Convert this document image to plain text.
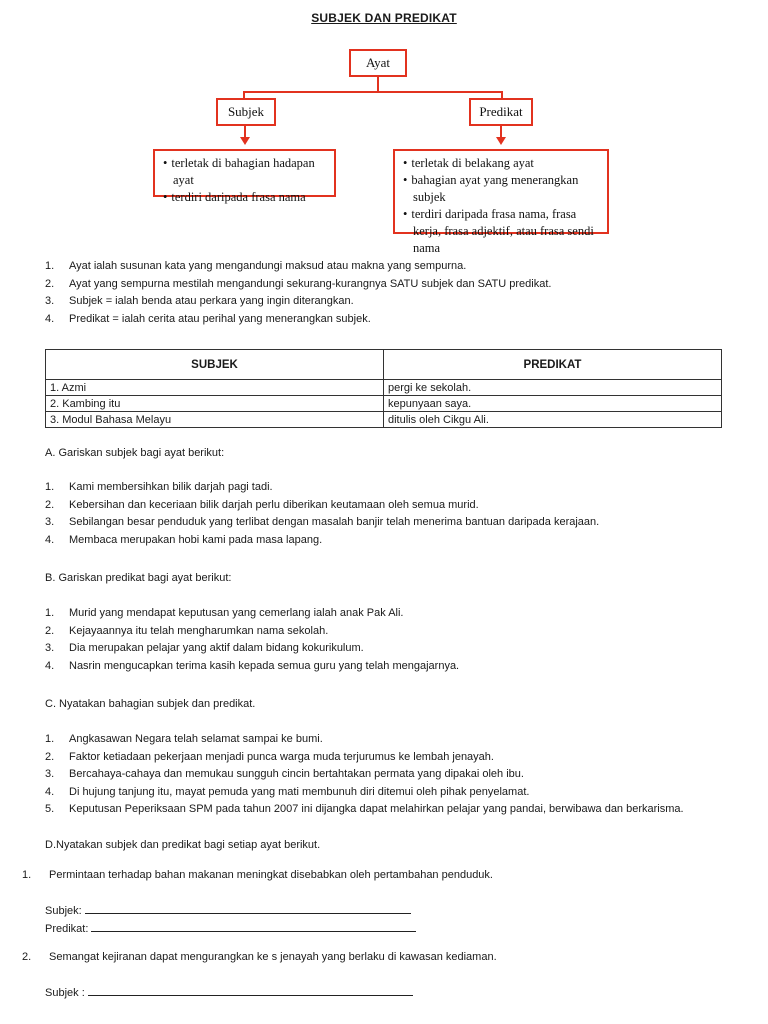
SUBJEK DAN PREDIKAT
Ayat
Subjek	Predikat
• terletak di bahagian hadapan ayat
• terdiri daripada frasa nama
• terletak di belakang ayat
• bahagian ayat yang menerangkan subjek
• terdiri daripada frasa nama, frasa kerja, frasa adjektif, atau frasa sendi nama
1. Ayat ialah susunan kata yang mengandungi maksud atau makna yang sempurna.
2. Ayat yang sempurna mestilah mengandungi sekurang-kurangnya SATU subjek dan SATU predikat.
3. Subjek = ialah benda atau perkara yang ingin diterangkan.
4. Predikat = ialah cerita atau perihal yang menerangkan subjek.
SUBJEK	PREDIKAT
1. Azmi	pergi ke sekolah.
2. Kambing itu	kepunyaan saya.
3. Modul Bahasa Melayu	ditulis oleh Cikgu Ali.
A. Gariskan subjek bagi ayat berikut:
1. Kami membersihkan bilik darjah pagi tadi.
2. Kebersihan dan keceriaan bilik darjah perlu diberikan keutamaan oleh semua murid.
3. Sebilangan besar penduduk yang terlibat dengan masalah banjir telah menerima bantuan daripada kerajaan.
4. Membaca merupakan hobi kami pada masa lapang.
B. Gariskan predikat bagi ayat berikut:
1. Murid yang mendapat keputusan yang cemerlang ialah anak Pak Ali.
2. Kejayaannya itu telah mengharumkan nama sekolah.
3. Dia merupakan pelajar yang aktif dalam bidang kokurikulum.
4. Nasrin mengucapkan terima kasih kepada semua guru yang telah mengajarnya.
C. Nyatakan bahagian subjek dan predikat.
1. Angkasawan Negara telah selamat sampai ke bumi.
2. Faktor ketiadaan pekerjaan menjadi punca warga muda terjurumus ke lembah jenayah.
3. Bercahaya-cahaya dan memukau sungguh cincin bertahtakan permata yang dipakai oleh ibu.
4. Di hujung tanjung itu, mayat pemuda yang mati membunuh diri ditemui oleh pihak penyelamat.
5. Keputusan Peperiksaan SPM pada tahun 2007 ini dijangka dapat melahirkan pelajar yang pandai, berwibawa dan berkarisma.
D.Nyatakan subjek dan predikat bagi setiap ayat berikut.
1. Permintaan terhadap bahan makanan meningkat disebabkan oleh pertambahan penduduk.
Subjek:
Predikat:
2. Semangat kejiranan dapat mengurangkan ke s jenayah yang berlaku di kawasan kediaman.
Subjek :
